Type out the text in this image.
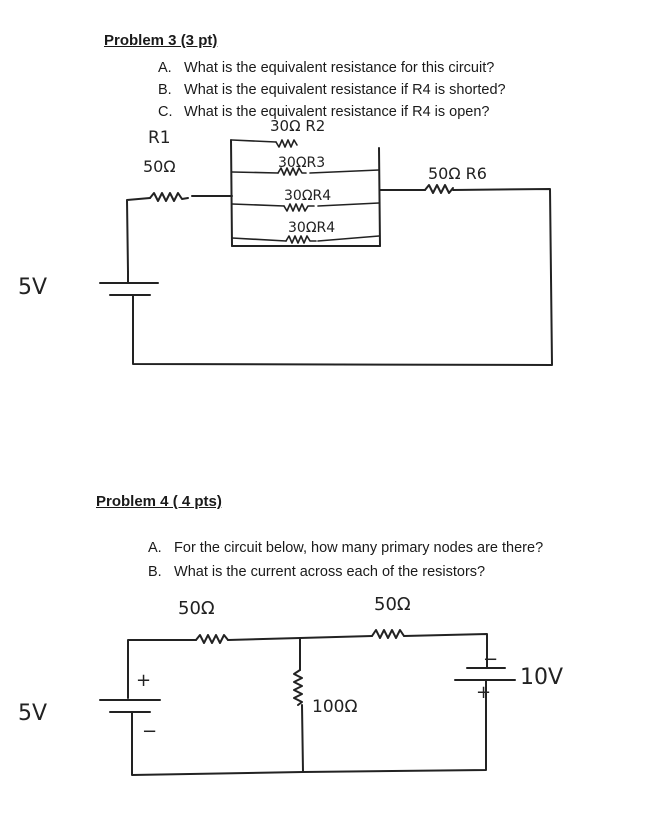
Problem 3 (3 pt)
A. What is the equivalent resistance for this circuit?
B. What is the equivalent resistance if R4 is shorted?
C. What is the equivalent resistance if R4 is open?
Problem 4 ( 4 pts)
A. For the circuit below, how many primary nodes are there?
B. What is the current across each of the resistors?
R1
50Ω
30Ω R2
30ΩR3
30ΩR4
30ΩR4
50Ω R6
5V
50Ω	50Ω
100Ω
5V
10V
+
−
−
+
